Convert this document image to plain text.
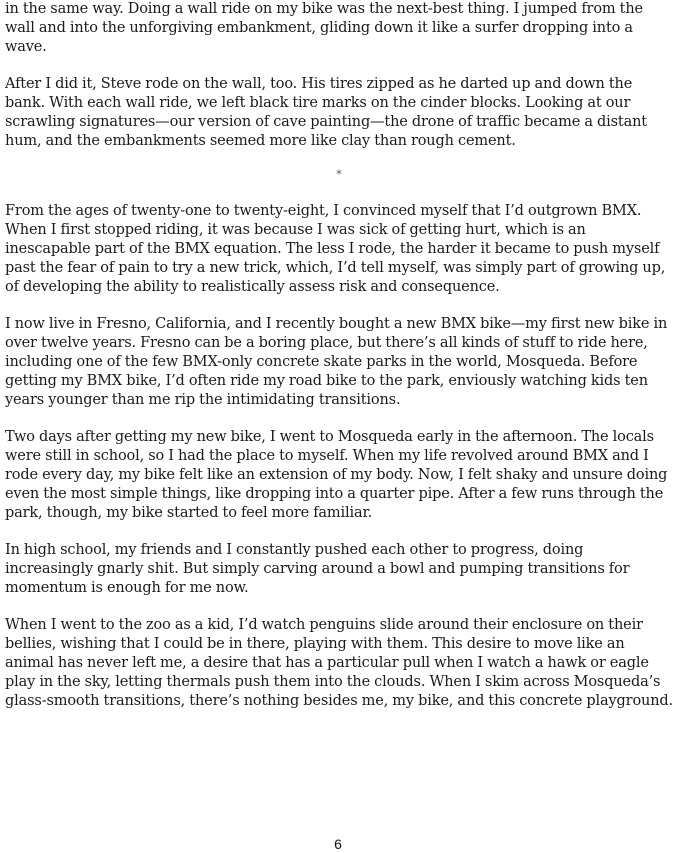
in the same way. Doing a wall ride on my bike was the next-best thing. I jumped from the wall and into the unforgiving embankment, gliding down it like a surfer dropping into a wave.

After I did it, Steve rode on the wall, too. His tires zipped as he darted up and down the bank. With each wall ride, we left black tire marks on the cinder blocks. Looking at our scrawling signatures—our version of cave painting—the drone of traffic became a distant hum, and the embankments seemed more like clay than rough cement.

*

From the ages of twenty-one to twenty-eight, I convinced myself that I’d outgrown BMX. When I first stopped riding, it was because I was sick of getting hurt, which is an inescapable part of the BMX equation. The less I rode, the harder it became to push myself past the fear of pain to try a new trick, which, I’d tell myself, was simply part of growing up, of developing the ability to realistically assess risk and consequence.

I now live in Fresno, California, and I recently bought a new BMX bike—my first new bike in over twelve years. Fresno can be a boring place, but there’s all kinds of stuff to ride here, including one of the few BMX-only concrete skate parks in the world, Mosqueda. Before getting my BMX bike, I’d often ride my road bike to the park, enviously watching kids ten years younger than me rip the intimidating transitions.

Two days after getting my new bike, I went to Mosqueda early in the afternoon. The locals were still in school, so I had the place to myself. When my life revolved around BMX and I rode every day, my bike felt like an extension of my body. Now, I felt shaky and unsure doing even the most simple things, like dropping into a quarter pipe. After a few runs through the park, though, my bike started to feel more familiar.

In high school, my friends and I constantly pushed each other to progress, doing increasingly gnarly shit. But simply carving around a bowl and pumping transitions for momentum is enough for me now.

When I went to the zoo as a kid, I’d watch penguins slide around their enclosure on their bellies, wishing that I could be in there, playing with them. This desire to move like an animal has never left me, a desire that has a particular pull when I watch a hawk or eagle play in the sky, letting thermals push them into the clouds. When I skim across Mosqueda’s glass-smooth transitions, there’s nothing besides me, my bike, and this concrete playground.

6
